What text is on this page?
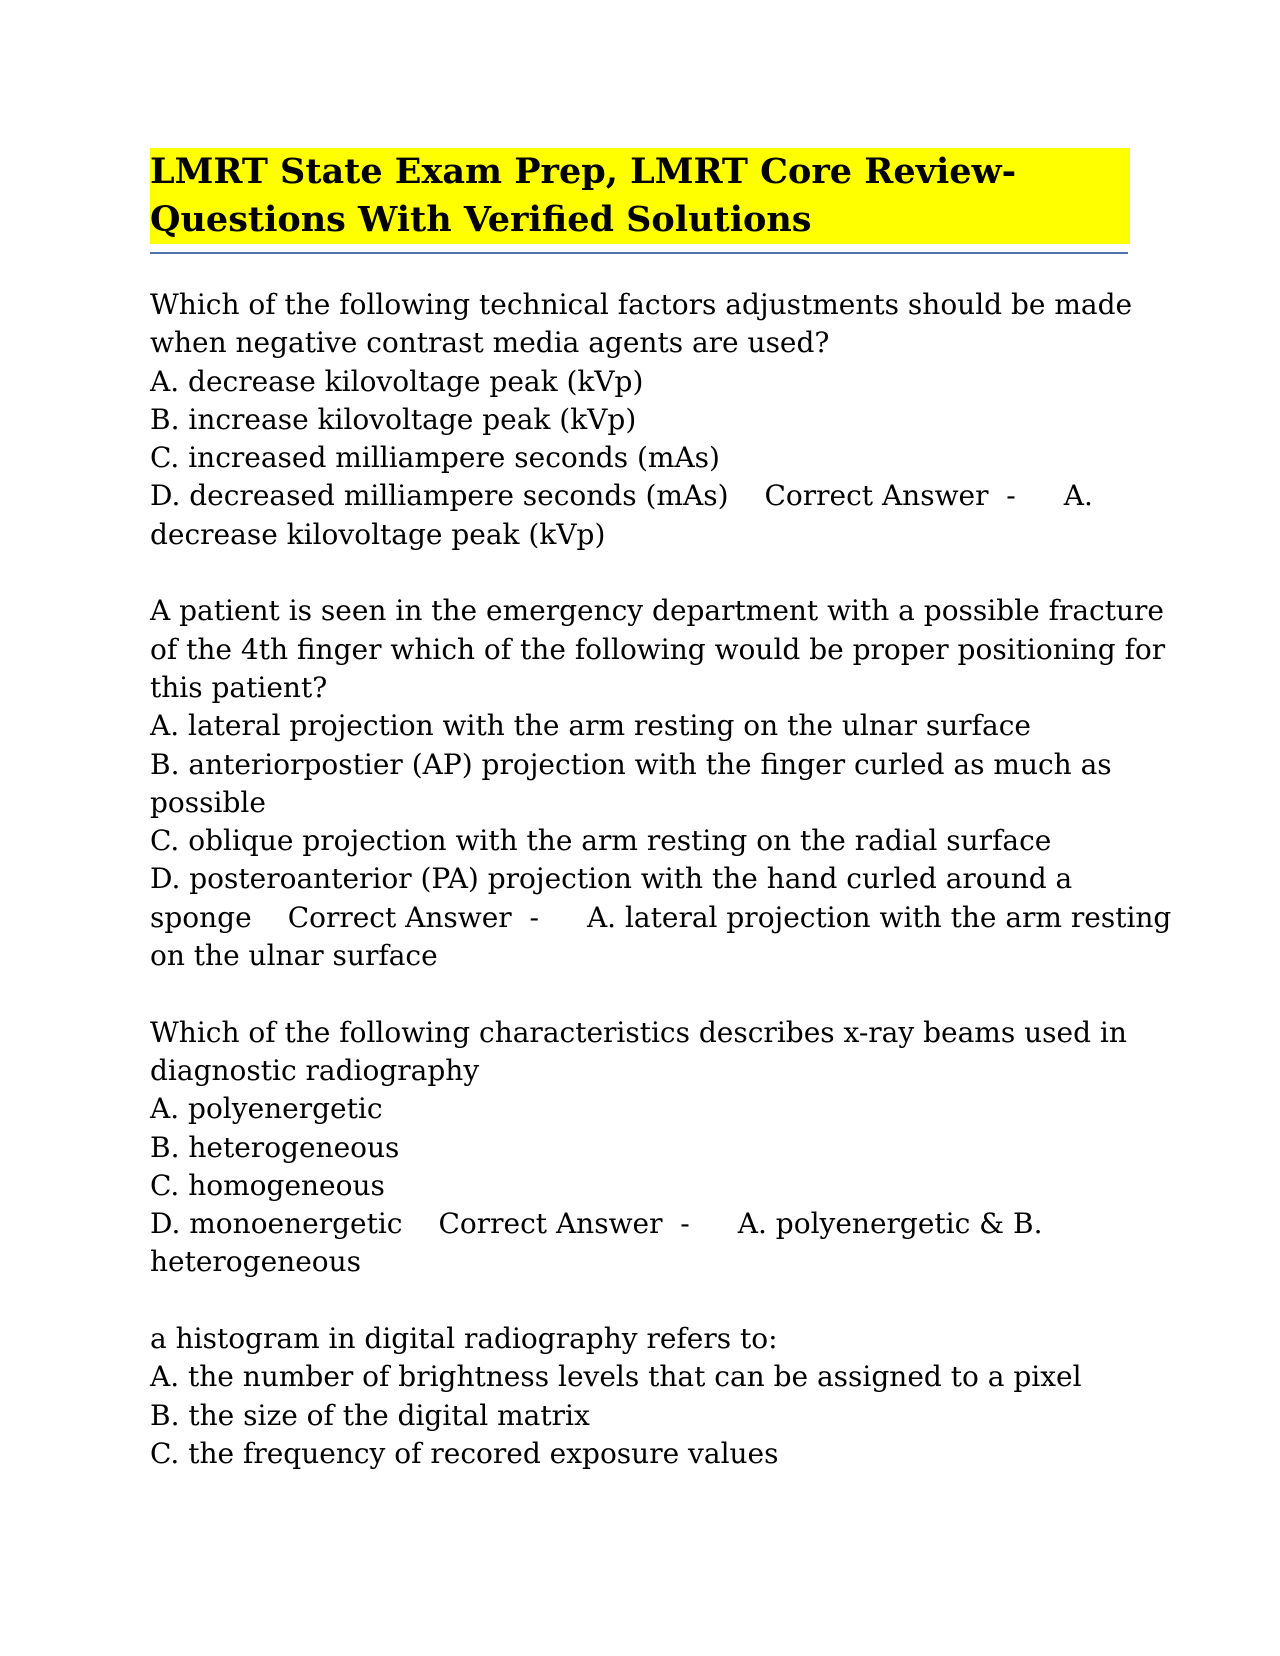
LMRT State Exam Prep, LMRT Core Review-
Questions With Verified Solutions
Which of the following technical factors adjustments should be made
when negative contrast media agents are used?
A. decrease kilovoltage peak (kVp)
B. increase kilovoltage peak (kVp)
C. increased milliampere seconds (mAs)
D. decreased milliampere seconds (mAs) Correct Answer  - A.
decrease kilovoltage peak (kVp)
A patient is seen in the emergency department with a possible fracture
of the 4th finger which of the following would be proper positioning for
this patient?
A. lateral projection with the arm resting on the ulnar surface
B. anteriorpostier (AP) projection with the finger curled as much as
possible
C. oblique projection with the arm resting on the radial surface
D. posteroanterior (PA) projection with the hand curled around a
sponge Correct Answer  - A. lateral projection with the arm resting
on the ulnar surface
Which of the following characteristics describes x-ray beams used in
diagnostic radiography
A. polyenergetic
B. heterogeneous
C. homogeneous
D. monoenergetic Correct Answer  - A. polyenergetic & B.
heterogeneous
a histogram in digital radiography refers to:
A. the number of brightness levels that can be assigned to a pixel
B. the size of the digital matrix
C. the frequency of recored exposure values
